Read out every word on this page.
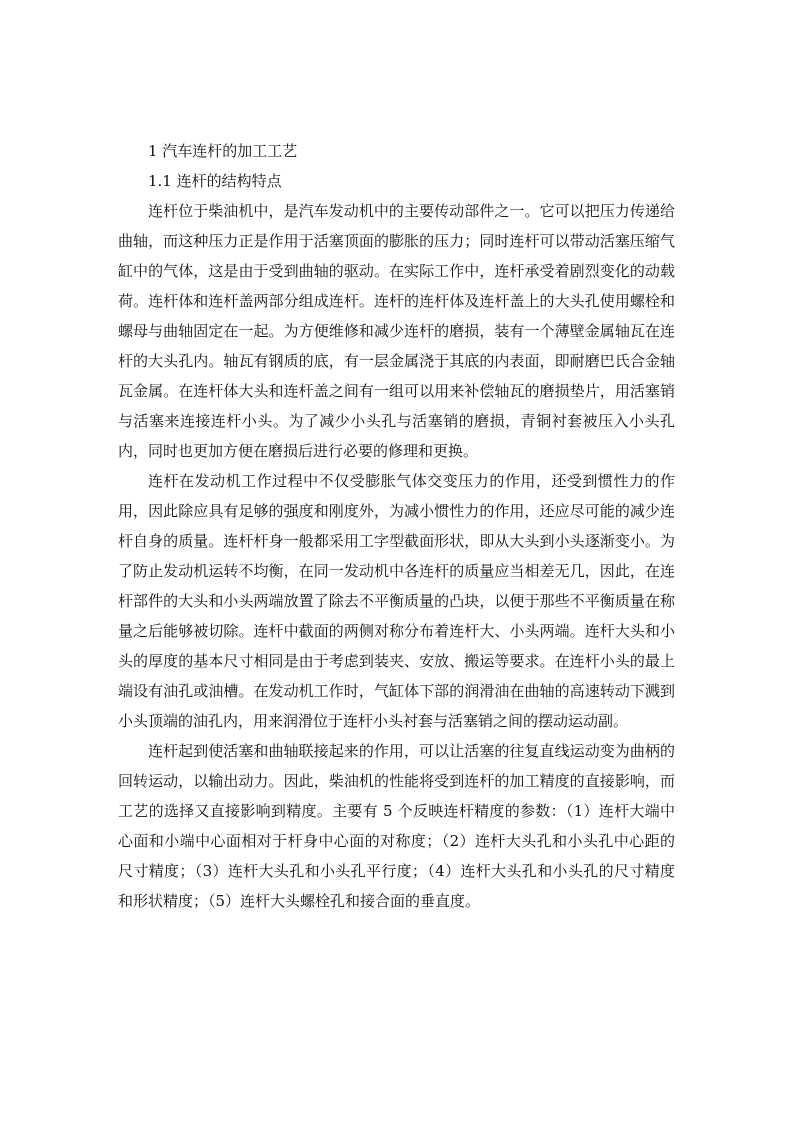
1 汽车连杆的加工工艺
1.1 连杆的结构特点

连杆位于柴油机中，是汽车发动机中的主要传动部件之一。它可以把压力传递给曲轴，而这种压力正是作用于活塞顶面的膨胀的压力；同时连杆可以带动活塞压缩气缸中的气体，这是由于受到曲轴的驱动。在实际工作中，连杆承受着剧烈变化的动载荷。连杆体和连杆盖两部分组成连杆。连杆的连杆体及连杆盖上的大头孔使用螺栓和螺母与曲轴固定在一起。为方便维修和减少连杆的磨损，装有一个薄壁金属轴瓦在连杆的大头孔内。轴瓦有钢质的底，有一层金属浇于其底的内表面，即耐磨巴氏合金轴瓦金属。在连杆体大头和连杆盖之间有一组可以用来补偿轴瓦的磨损垫片，用活塞销与活塞来连接连杆小头。为了减少小头孔与活塞销的磨损，青铜衬套被压入小头孔内，同时也更加方便在磨损后进行必要的修理和更换。

连杆在发动机工作过程中不仅受膨胀气体交变压力的作用，还受到惯性力的作用，因此除应具有足够的强度和刚度外，为减小惯性力的作用，还应尽可能的减少连杆自身的质量。连杆杆身一般都采用工字型截面形状，即从大头到小头逐渐变小。为了防止发动机运转不均衡，在同一发动机中各连杆的质量应当相差无几，因此，在连杆部件的大头和小头两端放置了除去不平衡质量的凸块，以便于那些不平衡质量在称量之后能够被切除。连杆中截面的两侧对称分布着连杆大、小头两端。连杆大头和小头的厚度的基本尺寸相同是由于考虑到装夹、安放、搬运等要求。在连杆小头的最上端设有油孔或油槽。在发动机工作时，气缸体下部的润滑油在曲轴的高速转动下溅到小头顶端的油孔内，用来润滑位于连杆小头衬套与活塞销之间的摆动运动副。

连杆起到使活塞和曲轴联接起来的作用，可以让活塞的往复直线运动变为曲柄的回转运动，以输出动力。因此，柴油机的性能将受到连杆的加工精度的直接影响，而工艺的选择又直接影响到精度。主要有 5 个反映连杆精度的参数：（1）连杆大端中心面和小端中心面相对于杆身中心面的对称度；（2）连杆大头孔和小头孔中心距的尺寸精度；（3）连杆大头孔和小头孔平行度；（4）连杆大头孔和小头孔的尺寸精度和形状精度；（5）连杆大头螺栓孔和接合面的垂直度。
